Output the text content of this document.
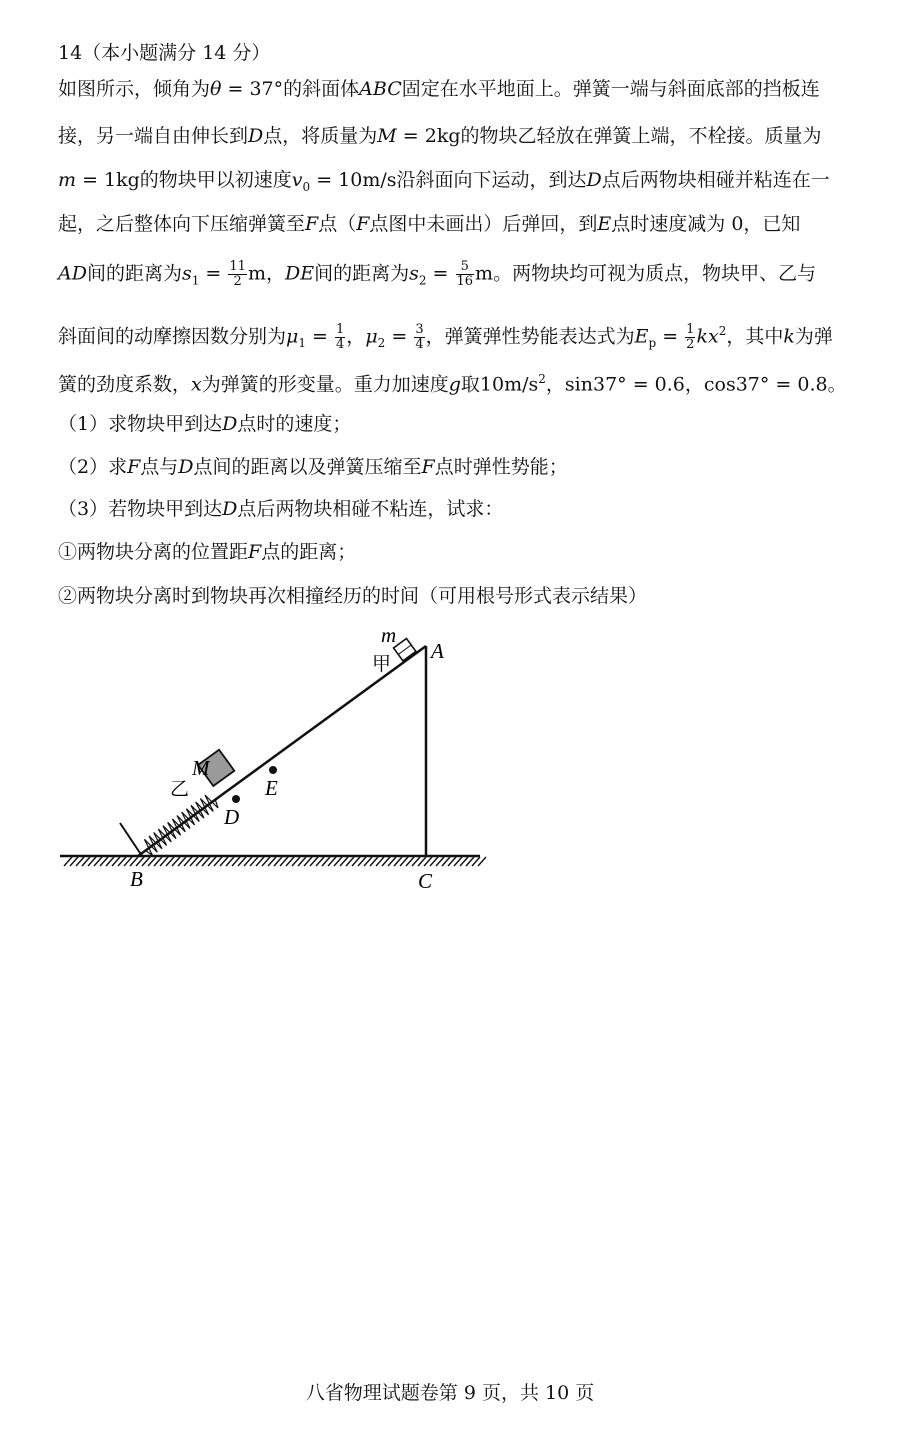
14（本小题满分 14 分）
如图所示，倾角为θ = 37°的斜面体ABC固定在水平地面上。弹簧一端与斜面底部的挡板连
接，另一端自由伸长到D点，将质量为M = 2kg的物块乙轻放在弹簧上端，不栓接。质量为
m = 1kg的物块甲以初速度$v_0 = 10m/s$沿斜面向下运动，到达D点后两物块相碰并粘连在一
起，之后整体向下压缩弹簧至F点（F点图中未画出）后弹回，到E点时速度减为 0，已知
AD间的距离为$s_1 = \frac{11}{2}$ m，DE间的距离为$s_2 = \frac{5}{16}$ m。两物块均可视为质点，物块甲、乙与
斜面间的动摩擦因数分别为$\mu_1 = \frac{1}{4}$ ，$\mu_2 = \frac{3}{4}$ ，弹簧弹性势能表达式为$E_p = \frac{1}{2} kx^2$，其中k为弹
簧的劲度系数，x为弹簧的形变量。重力加速度g取$10m/s^2$，sin37° = 0.6，cos37° = 0.8。
（1）求物块甲到达D点时的速度；
（2）求F点与D点间的距离以及弹簧压缩至F点时弹性势能；
（3）若物块甲到达D点后两物块相碰不粘连，试求：
①两物块分离的位置距F点的距离；
②两物块分离时到物块再次相撞经历的时间（可用根号形式表示结果）
A
B	C
D
E
m
甲
M
乙
八省物理试题卷第 9 页，共 10 页
